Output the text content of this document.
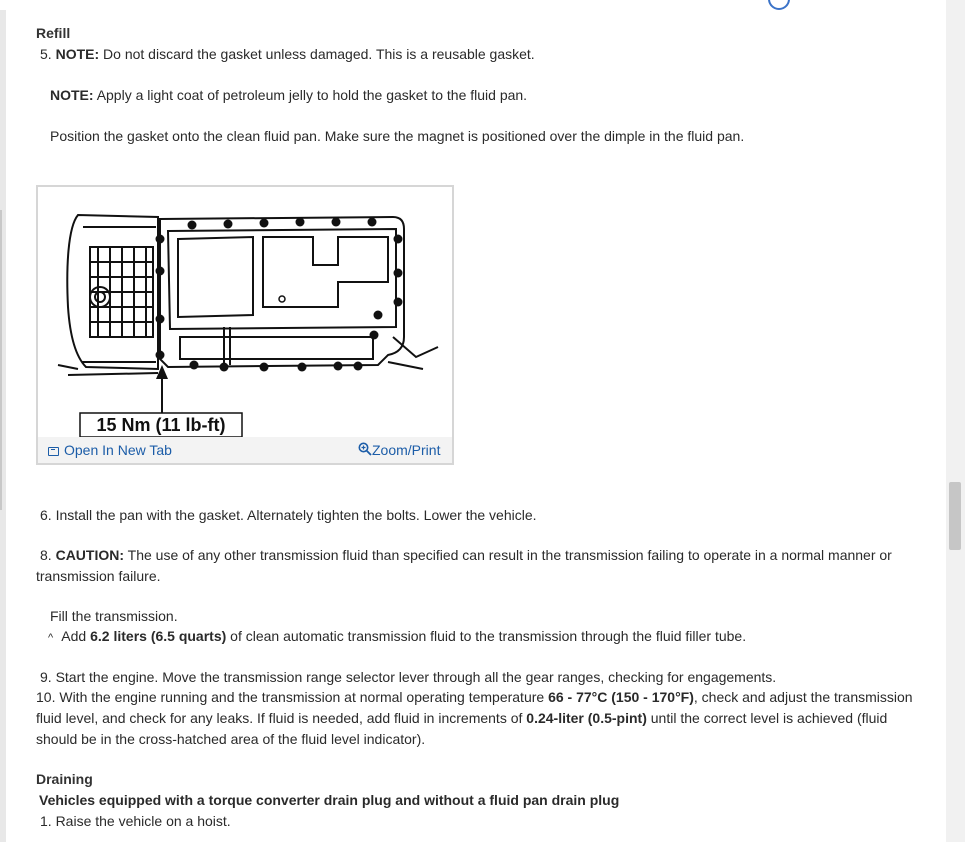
Refill
5. NOTE: Do not discard the gasket unless damaged. This is a reusable gasket.
NOTE: Apply a light coat of petroleum jelly to hold the gasket to the fluid pan.
Position the gasket onto the clean fluid pan. Make sure the magnet is positioned over the dimple in the fluid pan.
15 Nm (11 lb-ft)
Open In New Tab	Zoom/Print
6. Install the pan with the gasket. Alternately tighten the bolts. Lower the vehicle.
8. CAUTION: The use of any other transmission fluid than specified can result in the transmission failing to operate in a normal manner or
transmission failure.
Fill the transmission.
^ Add 6.2 liters (6.5 quarts) of clean automatic transmission fluid to the transmission through the fluid filler tube.
9. Start the engine. Move the transmission range selector lever through all the gear ranges, checking for engagements.
10. With the engine running and the transmission at normal operating temperature 66 - 77°C (150 - 170°F), check and adjust the transmission
fluid level, and check for any leaks. If fluid is needed, add fluid in increments of 0.24-liter (0.5-pint) until the correct level is achieved (fluid
should be in the cross-hatched area of the fluid level indicator).
Draining
Vehicles equipped with a torque converter drain plug and without a fluid pan drain plug
1. Raise the vehicle on a hoist.
